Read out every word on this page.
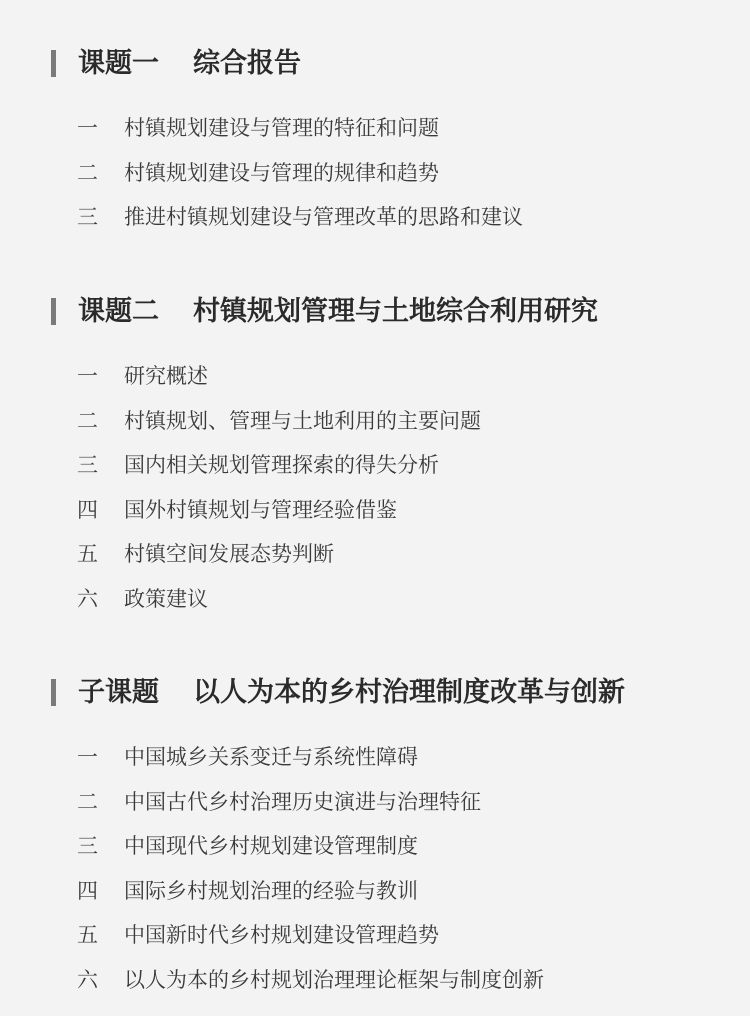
课题一 综合报告
一	村镇规划建设与管理的特征和问题
二	村镇规划建设与管理的规律和趋势
三	推进村镇规划建设与管理改革的思路和建议
课题二 村镇规划管理与土地综合利用研究
一	研究概述
二	村镇规划、管理与土地利用的主要问题
三	国内相关规划管理探索的得失分析
四	国外村镇规划与管理经验借鉴
五	村镇空间发展态势判断
六	政策建议
子课题 以人为本的乡村治理制度改革与创新
一	中国城乡关系变迁与系统性障碍
二	中国古代乡村治理历史演进与治理特征
三	中国现代乡村规划建设管理制度
四	国际乡村规划治理的经验与教训
五	中国新时代乡村规划建设管理趋势
六	以人为本的乡村规划治理理论框架与制度创新
